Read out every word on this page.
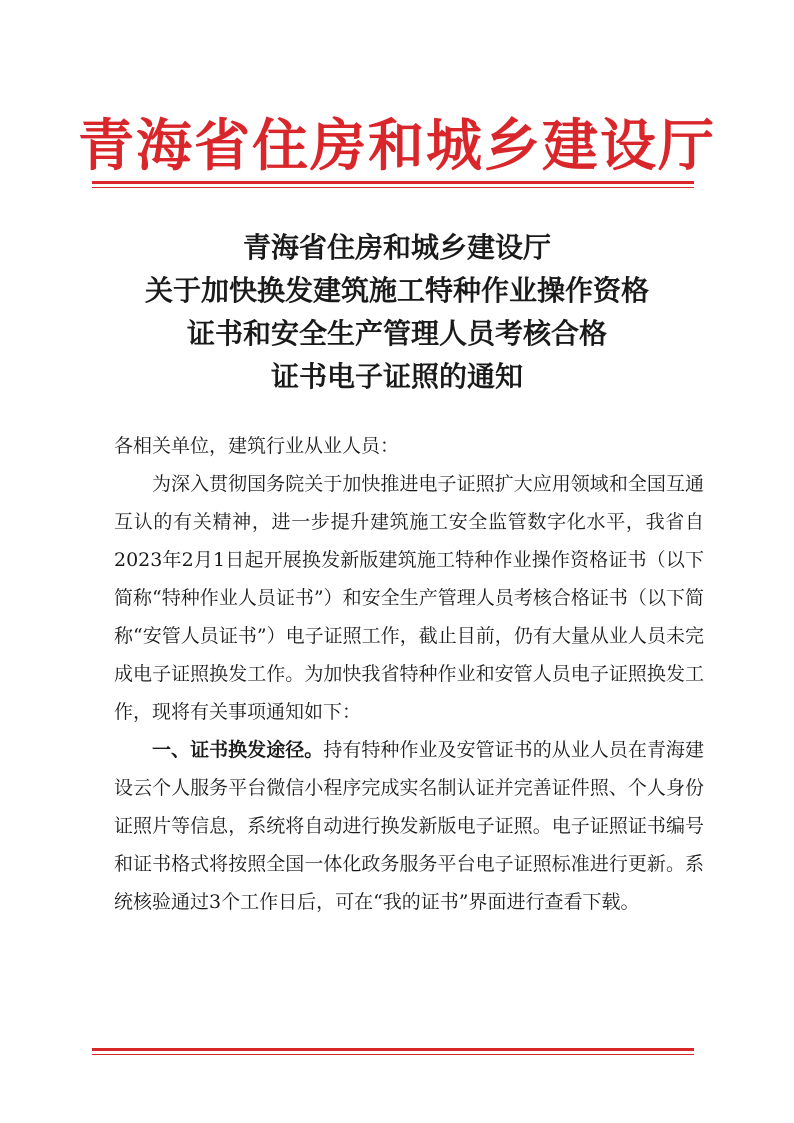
青海省住房和城乡建设厅
青海省住房和城乡建设厅
关于加快换发建筑施工特种作业操作资格
证书和安全生产管理人员考核合格
证书电子证照的通知

各相关单位，建筑行业从业人员：

为深入贯彻国务院关于加快推进电子证照扩大应用领域和全国互通互认的有关精神，进一步提升建筑施工安全监管数字化水平，我省自2023年2月1日起开展换发新版建筑施工特种作业操作资格证书（以下简称“特种作业人员证书”）和安全生产管理人员考核合格证书（以下简称“安管人员证书”）电子证照工作，截止目前，仍有大量从业人员未完成电子证照换发工作。为加快我省特种作业和安管人员电子证照换发工作，现将有关事项通知如下：

一、证书换发途径。持有特种作业及安管证书的从业人员在青海建设云个人服务平台微信小程序完成实名制认证并完善证件照、个人身份证照片等信息，系统将自动进行换发新版电子证照。电子证照证书编号和证书格式将按照全国一体化政务服务平台电子证照标准进行更新。系统核验通过3个工作日后，可在“我的证书”界面进行查看下载。
